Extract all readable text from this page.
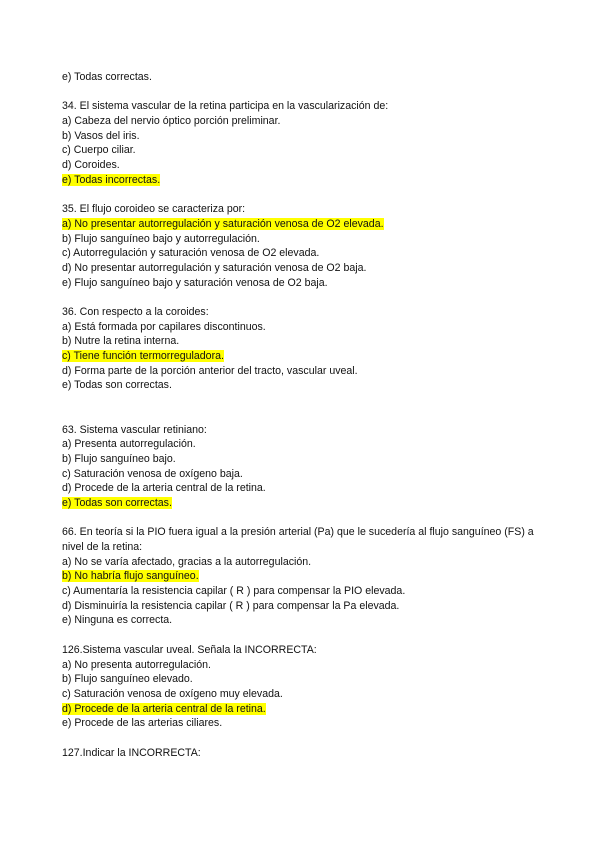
e) Todas correctas.
34. El sistema vascular de la retina participa en la vascularización de:
a) Cabeza del nervio óptico porción preliminar.
b) Vasos del iris.
c) Cuerpo ciliar.
d) Coroides.
e) Todas incorrectas.
35. El flujo coroideo se caracteriza por:
a) No presentar autorregulación y saturación venosa de O2 elevada.
b) Flujo sanguíneo bajo y autorregulación.
c) Autorregulación y saturación venosa de O2 elevada.
d) No presentar autorregulación y saturación venosa de O2 baja.
e) Flujo sanguíneo bajo y saturación venosa de O2 baja.
36. Con respecto a la coroides:
a) Está formada por capilares discontinuos.
b) Nutre la retina interna.
c) Tiene función termorreguladora.
d) Forma parte de la porción anterior del tracto, vascular uveal.
e) Todas son correctas.
63. Sistema vascular retiniano:
a) Presenta autorregulación.
b) Flujo sanguíneo bajo.
c) Saturación venosa de oxígeno baja.
d) Procede de la arteria central de la retina.
e) Todas son correctas.
66. En teoría si la PIO fuera igual a la presión arterial (Pa) que le sucedería al flujo sanguíneo (FS) a nivel de la retina:
a) No se varía afectado, gracias a la autorregulación.
b) No habría flujo sanguíneo.
c) Aumentaría la resistencia capilar ( R ) para compensar la PIO elevada.
d) Disminuiría la resistencia capilar ( R ) para compensar la Pa elevada.
e) Ninguna es correcta.
126.Sistema vascular uveal. Señala la INCORRECTA:
a) No presenta autorregulación.
b) Flujo sanguíneo elevado.
c) Saturación venosa de oxígeno muy elevada.
d) Procede de la arteria central de la retina.
e) Procede de las arterias ciliares.
127.Indicar la INCORRECTA:
